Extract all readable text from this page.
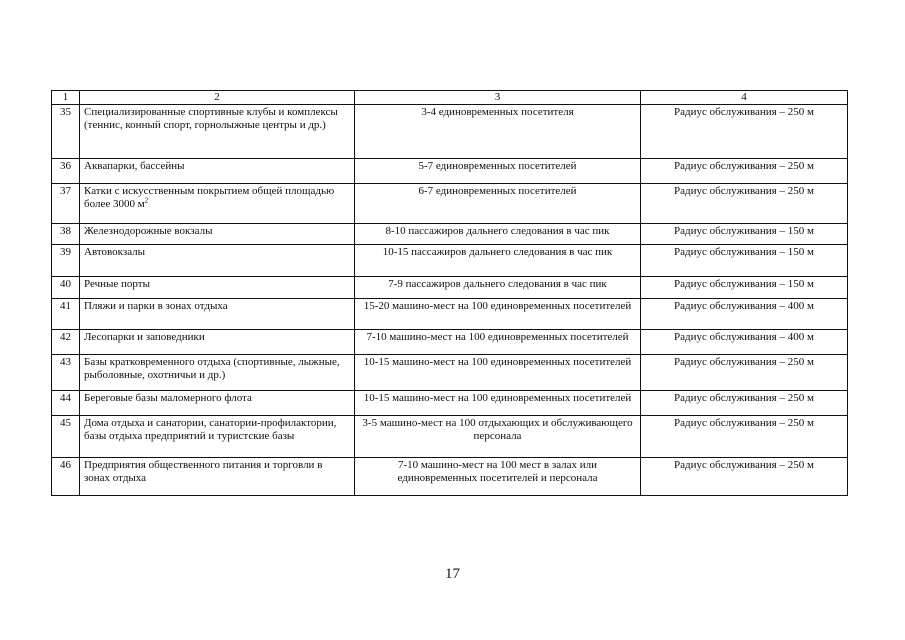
1	2	3	4
35	Специализированные спортивные клубы и комплексы (теннис, конный спорт, горнолыжные центры и др.)	3-4 единовременных посетителя	Радиус обслуживания – 250 м
36	Аквапарки, бассейны	5-7 единовременных посетителей	Радиус обслуживания – 250 м
37	Катки с искусственным покрытием общей площадью более 3000 $м^2$	6-7 единовременных посетителей	Радиус обслуживания – 250 м
38	Железнодорожные вокзалы	8-10 пассажиров дальнего следования в час пик	Радиус обслуживания – 150 м
39	Автовокзалы	10-15 пассажиров дальнего следования в час пик	Радиус обслуживания – 150 м
40	Речные порты	7-9 пассажиров дальнего следования в час пик	Радиус обслуживания – 150 м
41	Пляжи и парки в зонах отдыха	15-20 машино-мест на 100 единовременных посетителей	Радиус обслуживания – 400 м
42	Лесопарки и заповедники	7-10 машино-мест на 100 единовременных посетителей	Радиус обслуживания – 400 м
43	Базы кратковременного отдыха (спортивные, лыжные, рыболовные, охотничьи и др.)	10-15 машино-мест на 100 единовременных посетителей	Радиус обслуживания – 250 м
44	Береговые базы маломерного флота	10-15 машино-мест на 100 единовременных посетителей	Радиус обслуживания – 250 м
45	Дома отдыха и санатории, санатории-профилактории, базы отдыха предприятий и туристские базы	3-5 машино-мест на 100 отдыхающих и обслуживающего персонала	Радиус обслуживания – 250 м
46	Предприятия общественного питания и торговли в зонах отдыха	7-10 машино-мест на 100 мест в залах или единовременных посетителей и персонала	Радиус обслуживания – 250 м
17
